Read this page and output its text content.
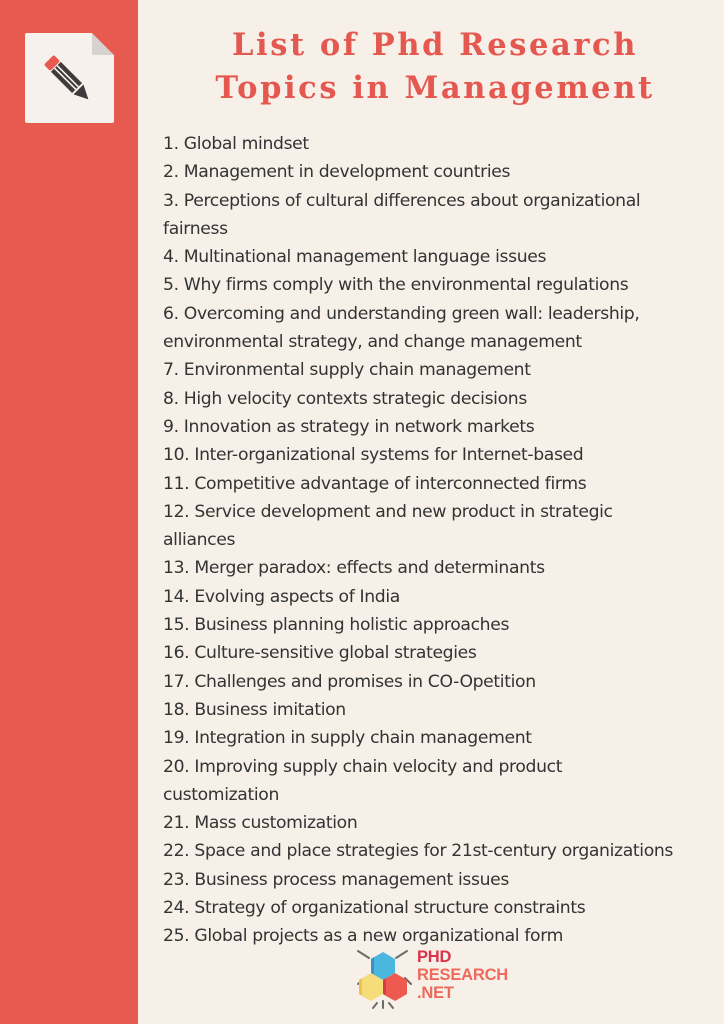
List of Phd Research
Topics in Management
1. Global mindset
2. Management in development countries
3. Perceptions of cultural differences about organizational
fairness
4. Multinational management language issues
5. Why firms comply with the environmental regulations
6. Overcoming and understanding green wall: leadership,
environmental strategy, and change management
7. Environmental supply chain management
8. High velocity contexts strategic decisions
9. Innovation as strategy in network markets
10. Inter-organizational systems for Internet-based
11. Competitive advantage of interconnected firms
12. Service development and new product in strategic
alliances
13. Merger paradox: effects and determinants
14. Evolving aspects of India
15. Business planning holistic approaches
16. Culture-sensitive global strategies
17. Challenges and promises in CO-Opetition
18. Business imitation
19. Integration in supply chain management
20. Improving supply chain velocity and product
customization
21. Mass customization
22. Space and place strategies for 21st-century organizations
23. Business process management issues
24. Strategy of organizational structure constraints
25. Global projects as a new organizational form
PHD
RESEARCH
.NET
